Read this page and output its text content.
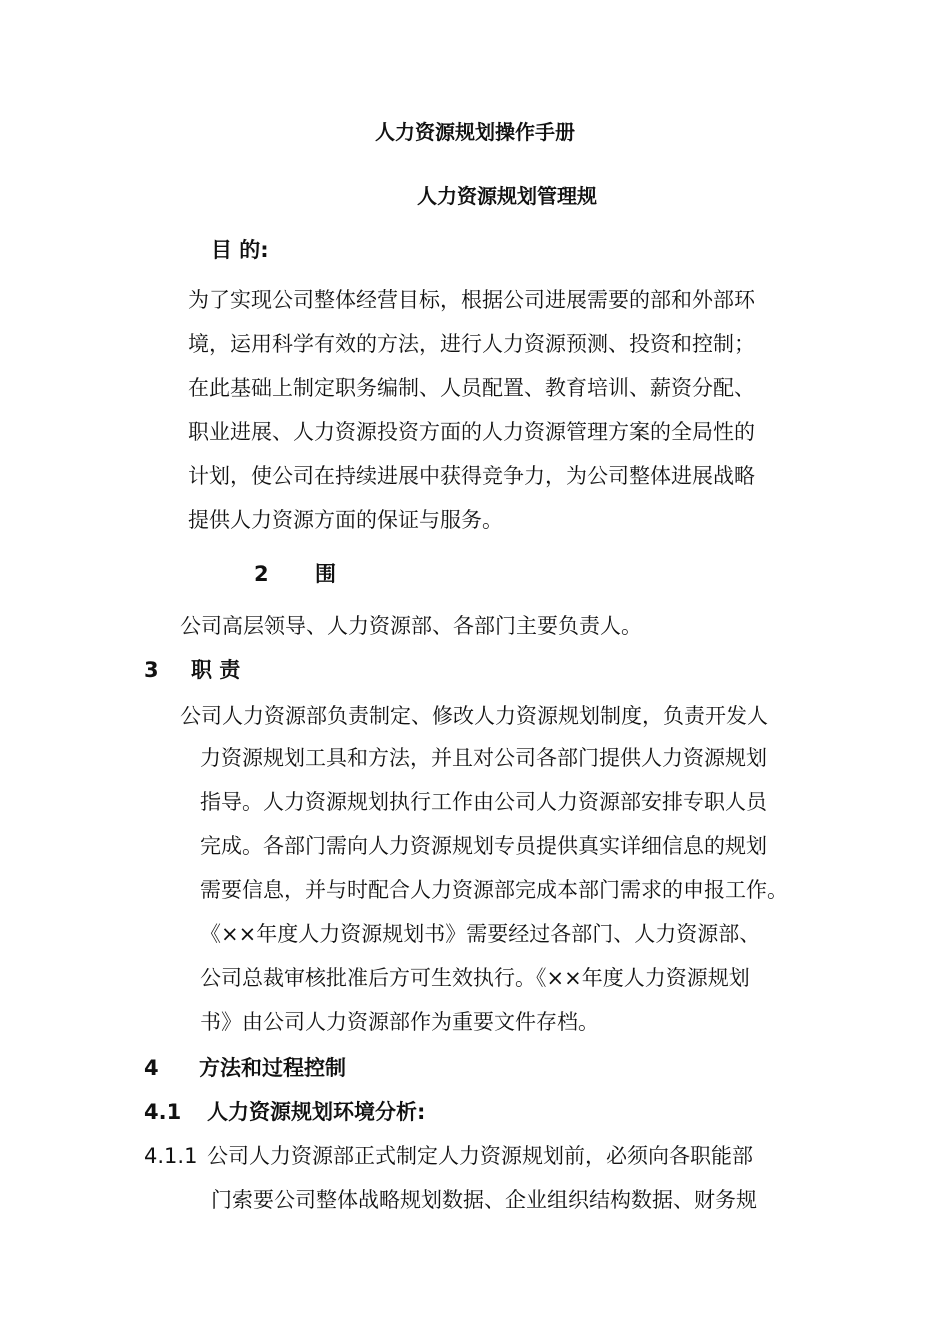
人力资源规划操作手册
人力资源规划管理规
目 的:
为了实现公司整体经营目标，根据公司进展需要的部和外部环
境，运用科学有效的方法，进行人力资源预测、投资和控制；
在此基础上制定职务编制、人员配置、教育培训、薪资分配、
职业进展、人力资源投资方面的人力资源管理方案的全局性的
计划，使公司在持续进展中获得竞争力，为公司整体进展战略
提供人力资源方面的保证与服务。
2 围
公司高层领导、人力资源部、各部门主要负责人。
3 职 责
公司人力资源部负责制定、修改人力资源规划制度，负责开发人
力资源规划工具和方法，并且对公司各部门提供人力资源规划
指导。人力资源规划执行工作由公司人力资源部安排专职人员
完成。各部门需向人力资源规划专员提供真实详细信息的规划
需要信息，并与时配合人力资源部完成本部门需求的申报工作。
《××年度人力资源规划书》需要经过各部门、人力资源部、
公司总裁审核批准后方可生效执行。《××年度人力资源规划
书》由公司人力资源部作为重要文件存档。
4 方法和过程控制
4.1 人力资源规划环境分析:
4.1.1 公司人力资源部正式制定人力资源规划前，必须向各职能部
门索要公司整体战略规划数据、企业组织结构数据、财务规
